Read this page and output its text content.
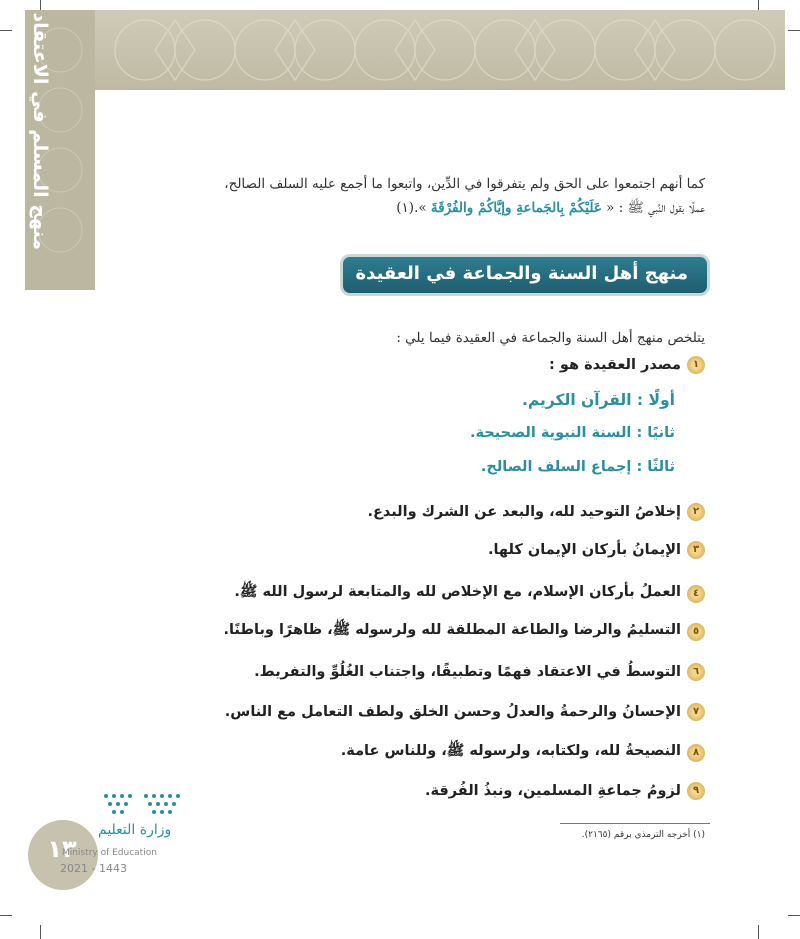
منهج المسلم في الاعتقاد	كما أنهم اجتمعوا على الحق ولم يتفرقوا في الدِّين، واتبعوا ما أجمع عليه السلف الصالح،
عملًا بقول النَّبي ﷺ : « عَلَيْكُمْ بِالجَماعةِ وإيَّاكُمْ والفُرْقَةَ ».(١)
منهج أهل السنة والجماعة في العقيدة
يتلخص منهج أهل السنة والجماعة في العقيدة فيما يلي :
١
مصدر العقيدة هو :
أولًا : القرآن الكريم.
ثانيًا : السنة النبوية الصحيحة.
ثالثًا : إجماع السلف الصالح.
٢
إخلاصُ التوحيد لله، والبعد عن الشرك والبدع.
٣
الإيمانُ بأركان الإيمان كلها.
٤
العملُ بأركان الإسلام، مع الإخلاص لله والمتابعة لرسول الله ﷺ.
٥
التسليمُ والرضا والطاعة المطلقة لله ولرسوله ﷺ، ظاهرًا وباطنًا.
٦
التوسطُ في الاعتقاد فهمًا وتطبيقًا، واجتناب الغُلُوِّ والتفريط.
٧
الإحسانُ والرحمةُ والعدلُ وحسن الخلق ولطف التعامل مع الناس.
٨
النصيحةُ لله، ولكتابه، ولرسوله ﷺ، وللناس عامة.
٩
لزومُ جماعةِ المسلمين، ونبذُ الفُرقة.
(١) أخرجه الترمذي برقم (٢١٦٥).
١٣
وزارة التعليم
Ministry of Education
2021 - 1443
